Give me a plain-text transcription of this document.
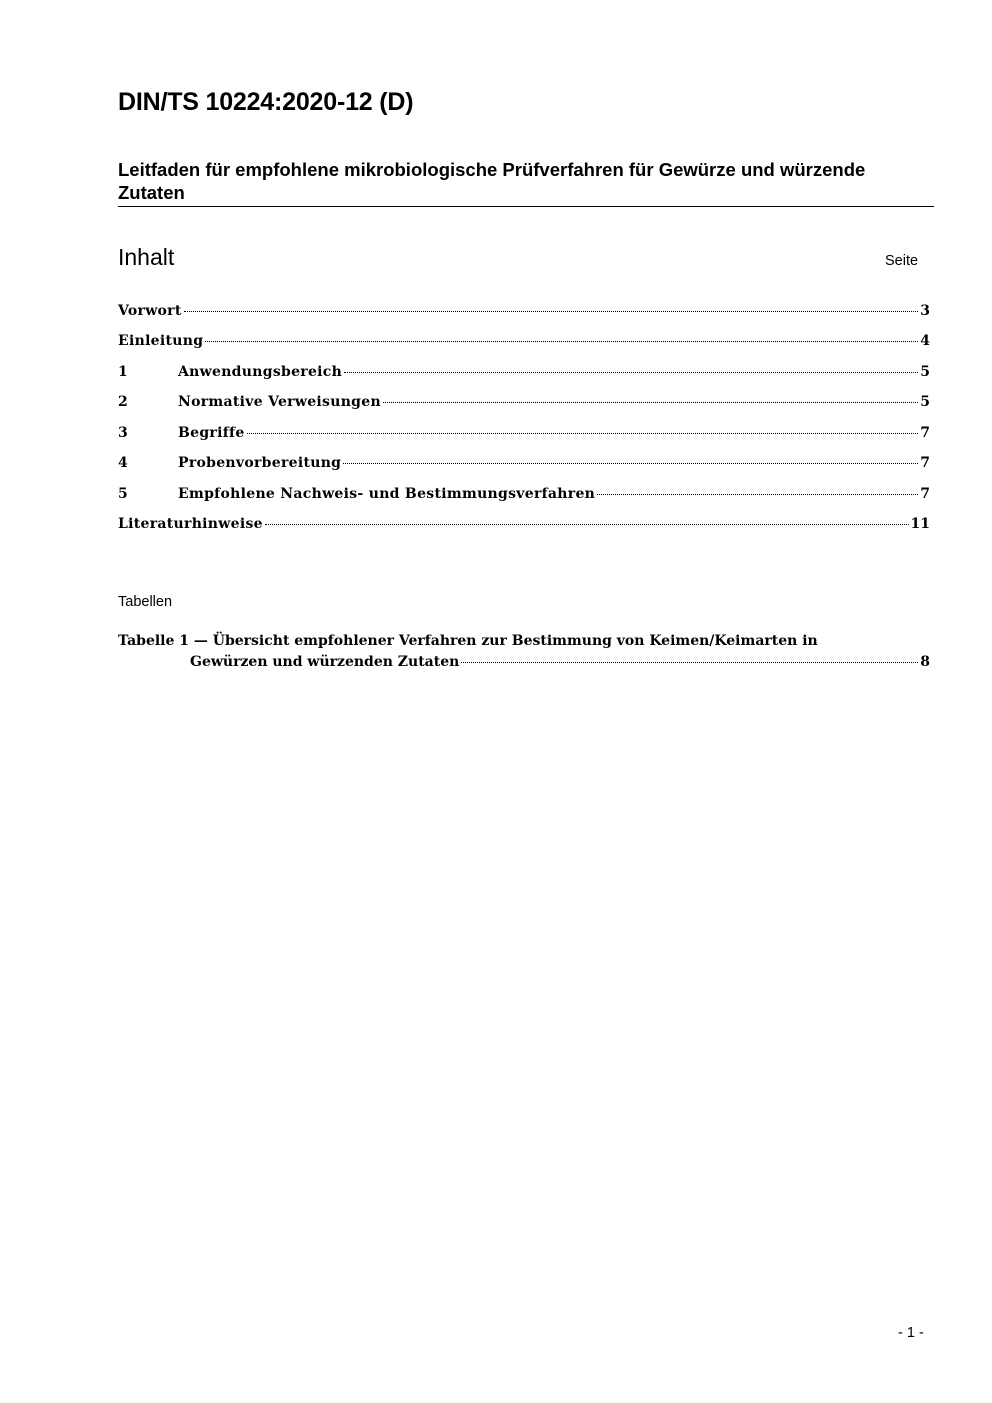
DIN/TS 10224:2020-12 (D)
Leitfaden für empfohlene mikrobiologische Prüfverfahren für Gewürze und würzende Zutaten
Inhalt	Seite
Vorwort	3
Einleitung	4
1	Anwendungsbereich	5
2	Normative Verweisungen	5
3	Begriffe	7
4	Probenvorbereitung	7
5	Empfohlene Nachweis- und Bestimmungsverfahren	7
Literaturhinweise	11
Tabellen
Tabelle 1 — Übersicht empfohlener Verfahren zur Bestimmung von Keimen/Keimarten in
Gewürzen und würzenden Zutaten	8
- 1 -
